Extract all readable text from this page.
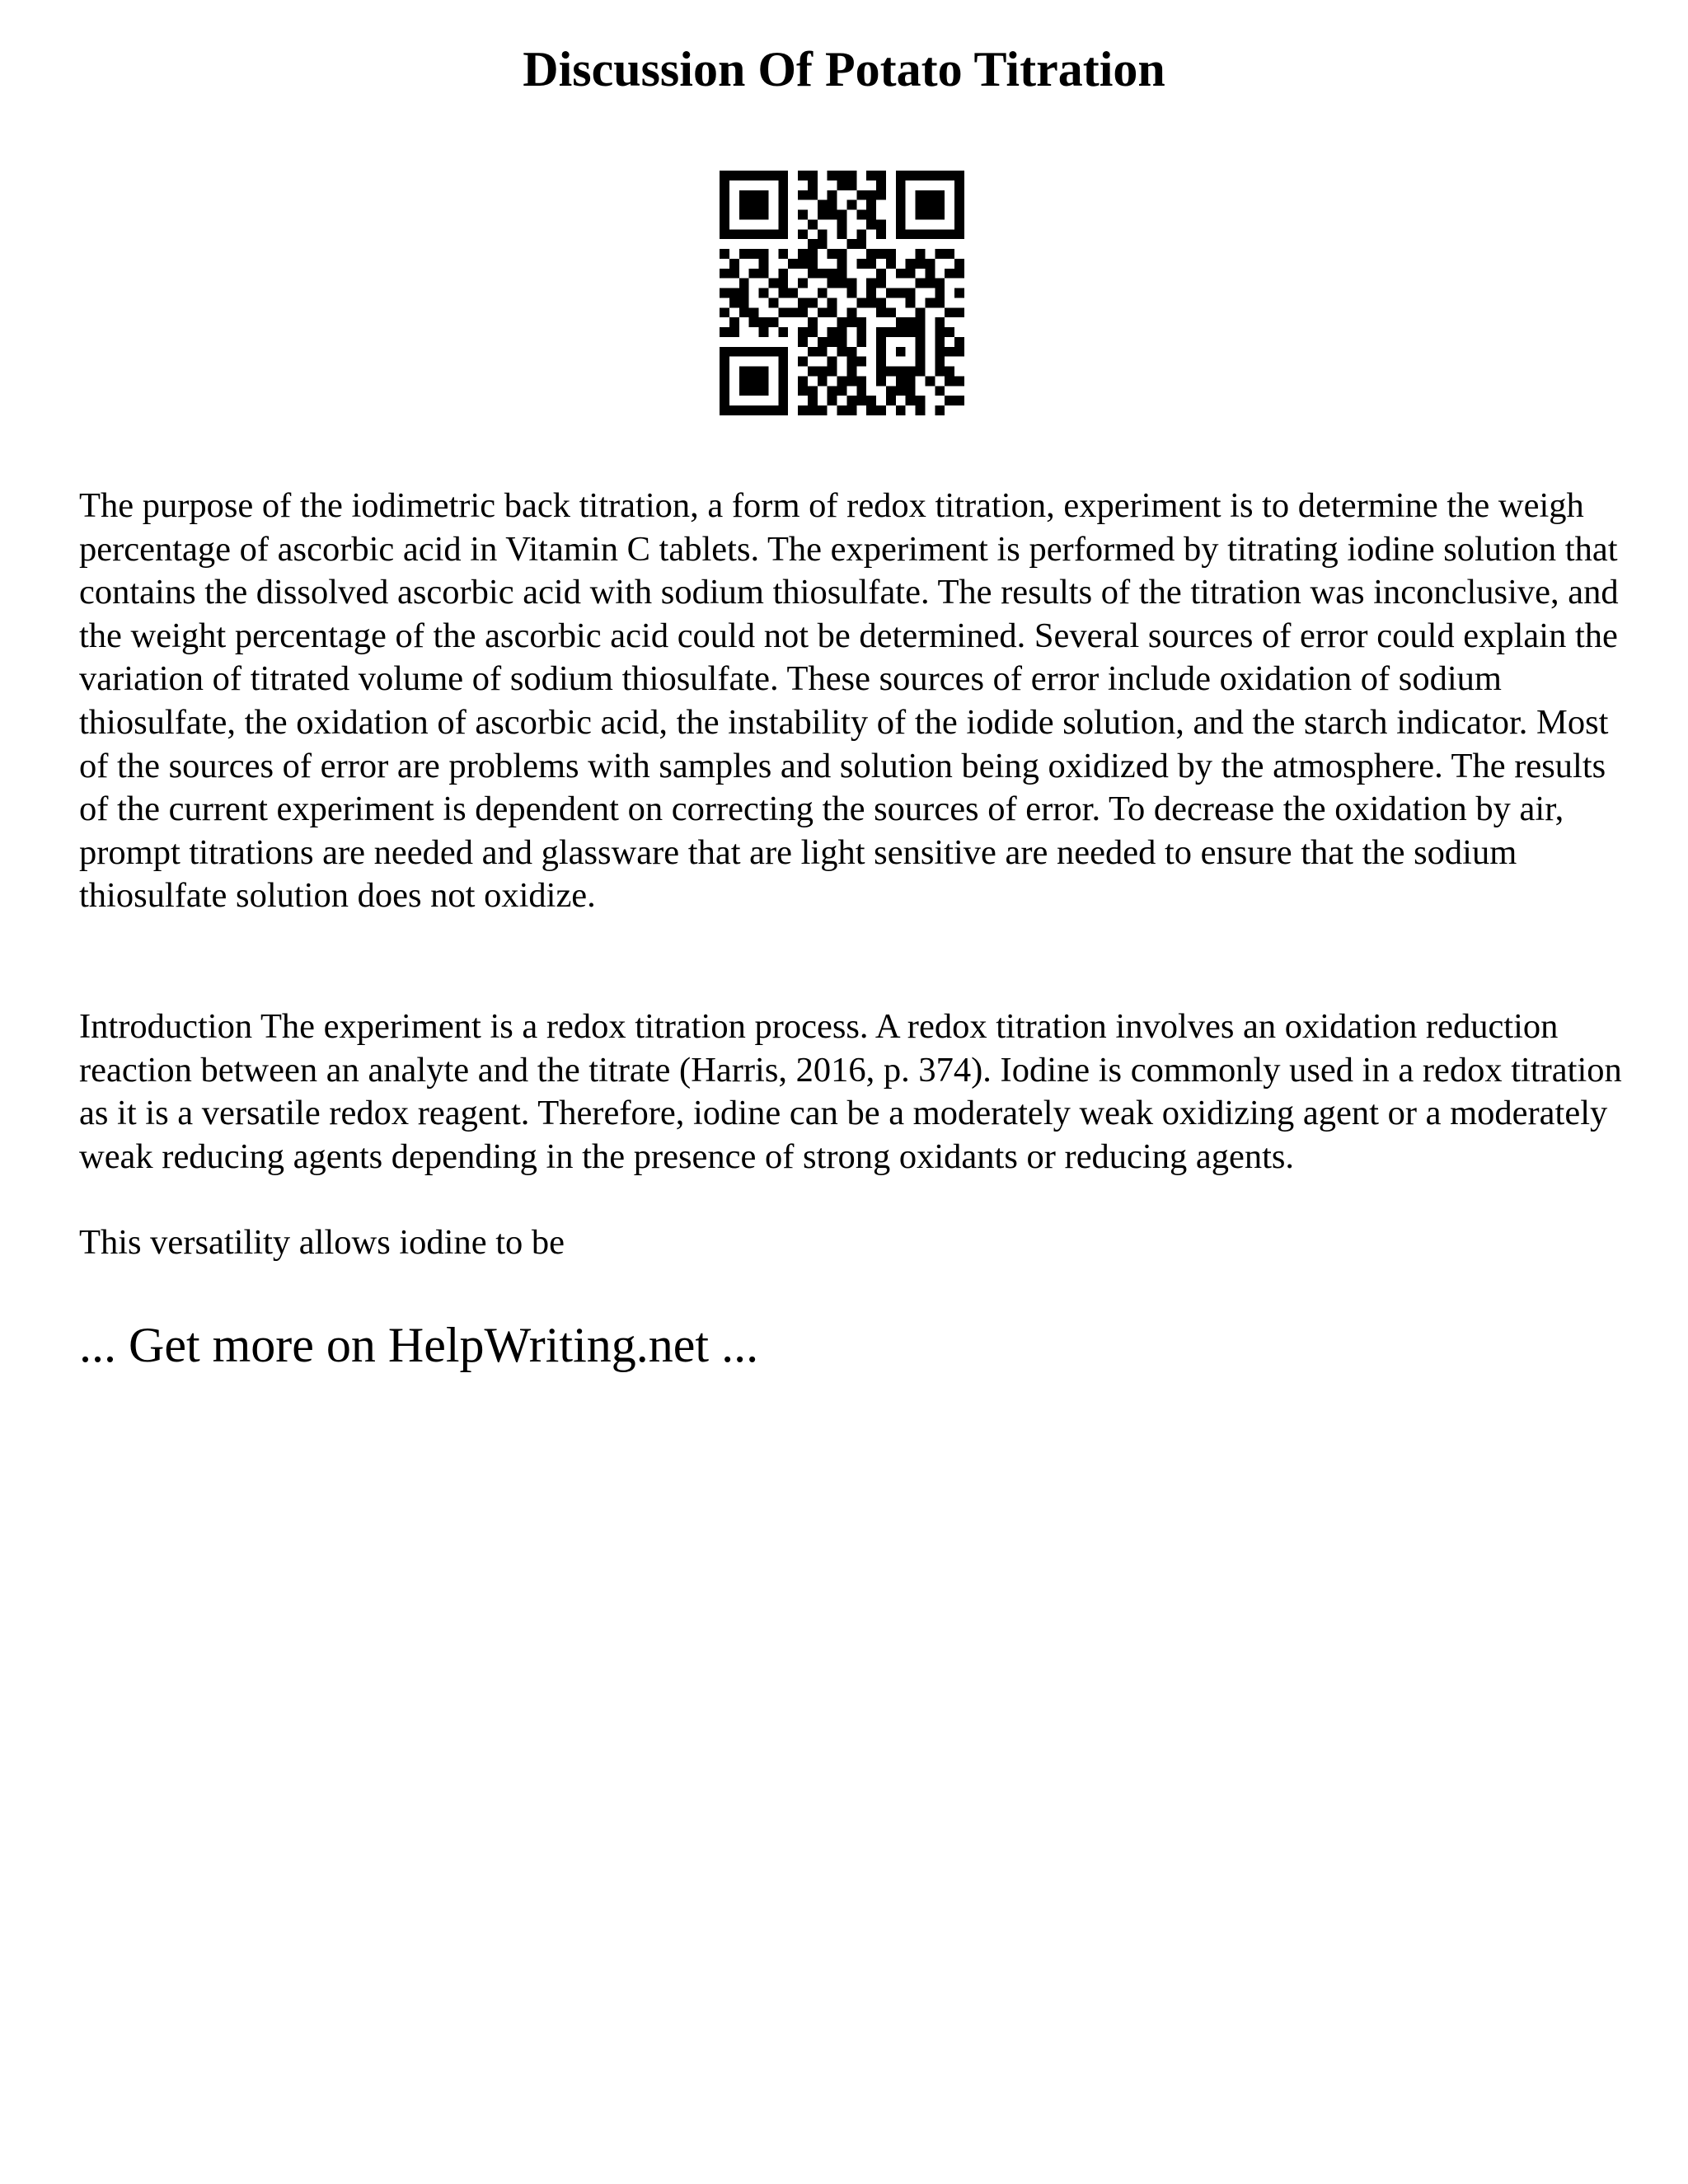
Discussion Of Potato Titration

The purpose of the iodimetric back titration, a form of redox titration, experiment is to determine the weigh percentage of ascorbic acid in Vitamin C tablets. The experiment is performed by titrating iodine solution that contains the dissolved ascorbic acid with sodium thiosulfate. The results of the titration was inconclusive, and the weight percentage of the ascorbic acid could not be determined. Several sources of error could explain the variation of titrated volume of sodium thiosulfate. These sources of error include oxidation of sodium thiosulfate, the oxidation of ascorbic acid, the instability of the iodide solution, and the starch indicator. Most of the sources of error are problems with samples and solution being oxidized by the atmosphere. The results of the current experiment is dependent on correcting the sources of error. To decrease the oxidation by air, prompt titrations are needed and glassware that are light sensitive are needed to ensure that the sodium thiosulfate solution does not oxidize.

Introduction The experiment is a redox titration process. A redox titration involves an oxidation reduction reaction between an analyte and the titrate (Harris, 2016, p. 374). Iodine is commonly used in a redox titration as it is a versatile redox reagent. Therefore, iodine can be a moderately weak oxidizing agent or a moderately weak reducing agents depending in the presence of strong oxidants or reducing agents.

This versatility allows iodine to be

... Get more on HelpWriting.net ...
